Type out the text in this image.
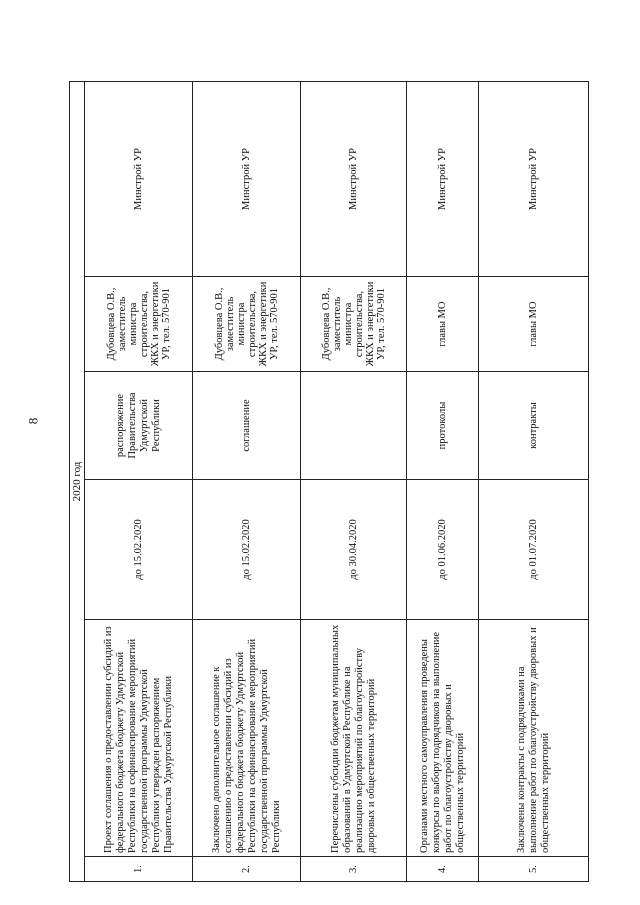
8
2020 год					
1.	Проект соглашения о предоставлении субсидий из федерального бюджета бюджету Удмуртской Республики на софинансирование мероприятий государственной программы Удмуртской Республики утвержден распоряжением Правительства Удмуртской Республики	до 15.02.2020	распоряжение Правительства Удмуртской Республики	Дубовцева О.В., заместитель министра строительства, ЖКХ и энергетики УР, тел. 570-901	Минстрой УР
2.	Заключено дополнительное соглашение к соглашению о предоставлении субсидий из федерального бюджета бюджету Удмуртской Республики на софинансирование мероприятий государственной программы Удмуртской Республики	до 15.02.2020	соглашение	Дубовцева О.В., заместитель министра строительства, ЖКХ и энергетики УР, тел. 570-901	Минстрой УР
3.	Перечислены субсидии бюджетам муниципальных образований в Удмуртской Республике на реализацию мероприятий по благоустройству дворовых и общественных территорий	до 30.04.2020		Дубовцева О.В., заместитель министра строительства, ЖКХ и энергетики УР, тел. 570-901	Минстрой УР
4.	Органами местного самоуправления проведены конкурсы по выбору подрядчиков на выполнение работ по благоустройству дворовых и общественных территорий	до 01.06.2020	протоколы	главы МО	Минстрой УР
5.	Заключены контракты с подрядчиками на выполнение работ по благоустройству дворовых и общественных территорий	до 01.07.2020	контракты	главы МО	Минстрой УР
